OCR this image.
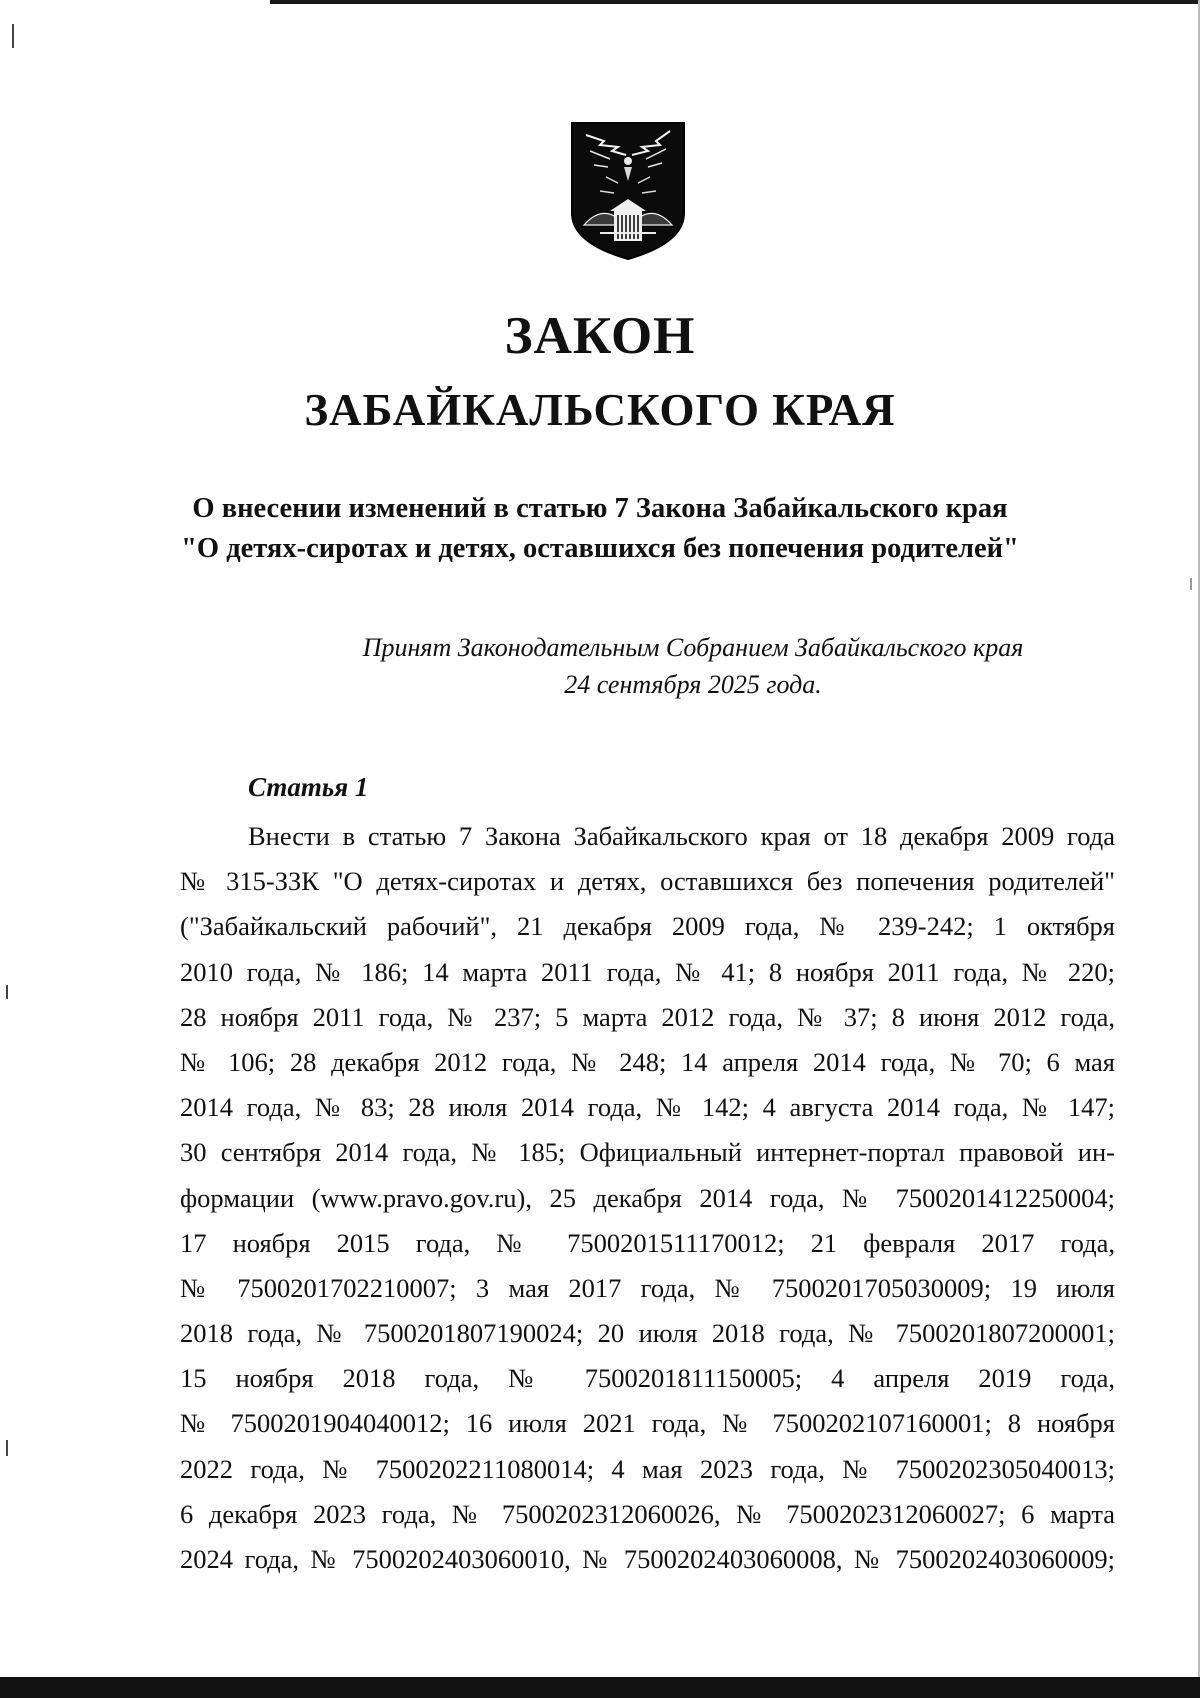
ЗАКОН
ЗАБАЙКАЛЬСКОГО КРАЯ

О внесении изменений в статью 7 Закона Забайкальского края

"О детях-сиротах и детях, оставшихся без попечения родителей"

Принят Законодательным Собранием Забайкальского края

24 сентября 2025 года.

Статья 1
Внести в статью 7 Закона Забайкальского края от 18 декабря 2009 года
№ 315-ЗЗК "О детях-сиротах и детях, оставшихся без попечения родителей"
("Забайкальский рабочий", 21 декабря 2009 года, № 239-242; 1 октября
2010 года, № 186; 14 марта 2011 года, № 41; 8 ноября 2011 года, № 220;
28 ноября 2011 года, № 237; 5 марта 2012 года, № 37; 8 июня 2012 года,
№ 106; 28 декабря 2012 года, № 248; 14 апреля 2014 года, № 70; 6 мая
2014 года, № 83; 28 июля 2014 года, № 142; 4 августа 2014 года, № 147;
30 сентября 2014 года, № 185; Официальный интернет-портал правовой ин-
формации (www.pravo.gov.ru), 25 декабря 2014 года, № 7500201412250004;
17 ноября 2015 года, № 7500201511170012; 21 февраля 2017 года,
№ 7500201702210007; 3 мая 2017 года, № 7500201705030009; 19 июля
2018 года, № 7500201807190024; 20 июля 2018 года, № 7500201807200001;
15 ноября 2018 года, № 7500201811150005; 4 апреля 2019 года,
№ 7500201904040012; 16 июля 2021 года, № 7500202107160001; 8 ноября
2022 года, № 7500202211080014; 4 мая 2023 года, № 7500202305040013;
6 декабря 2023 года, № 7500202312060026, № 7500202312060027; 6 марта
2024 года, № 7500202403060010, № 7500202403060008, № 7500202403060009;
